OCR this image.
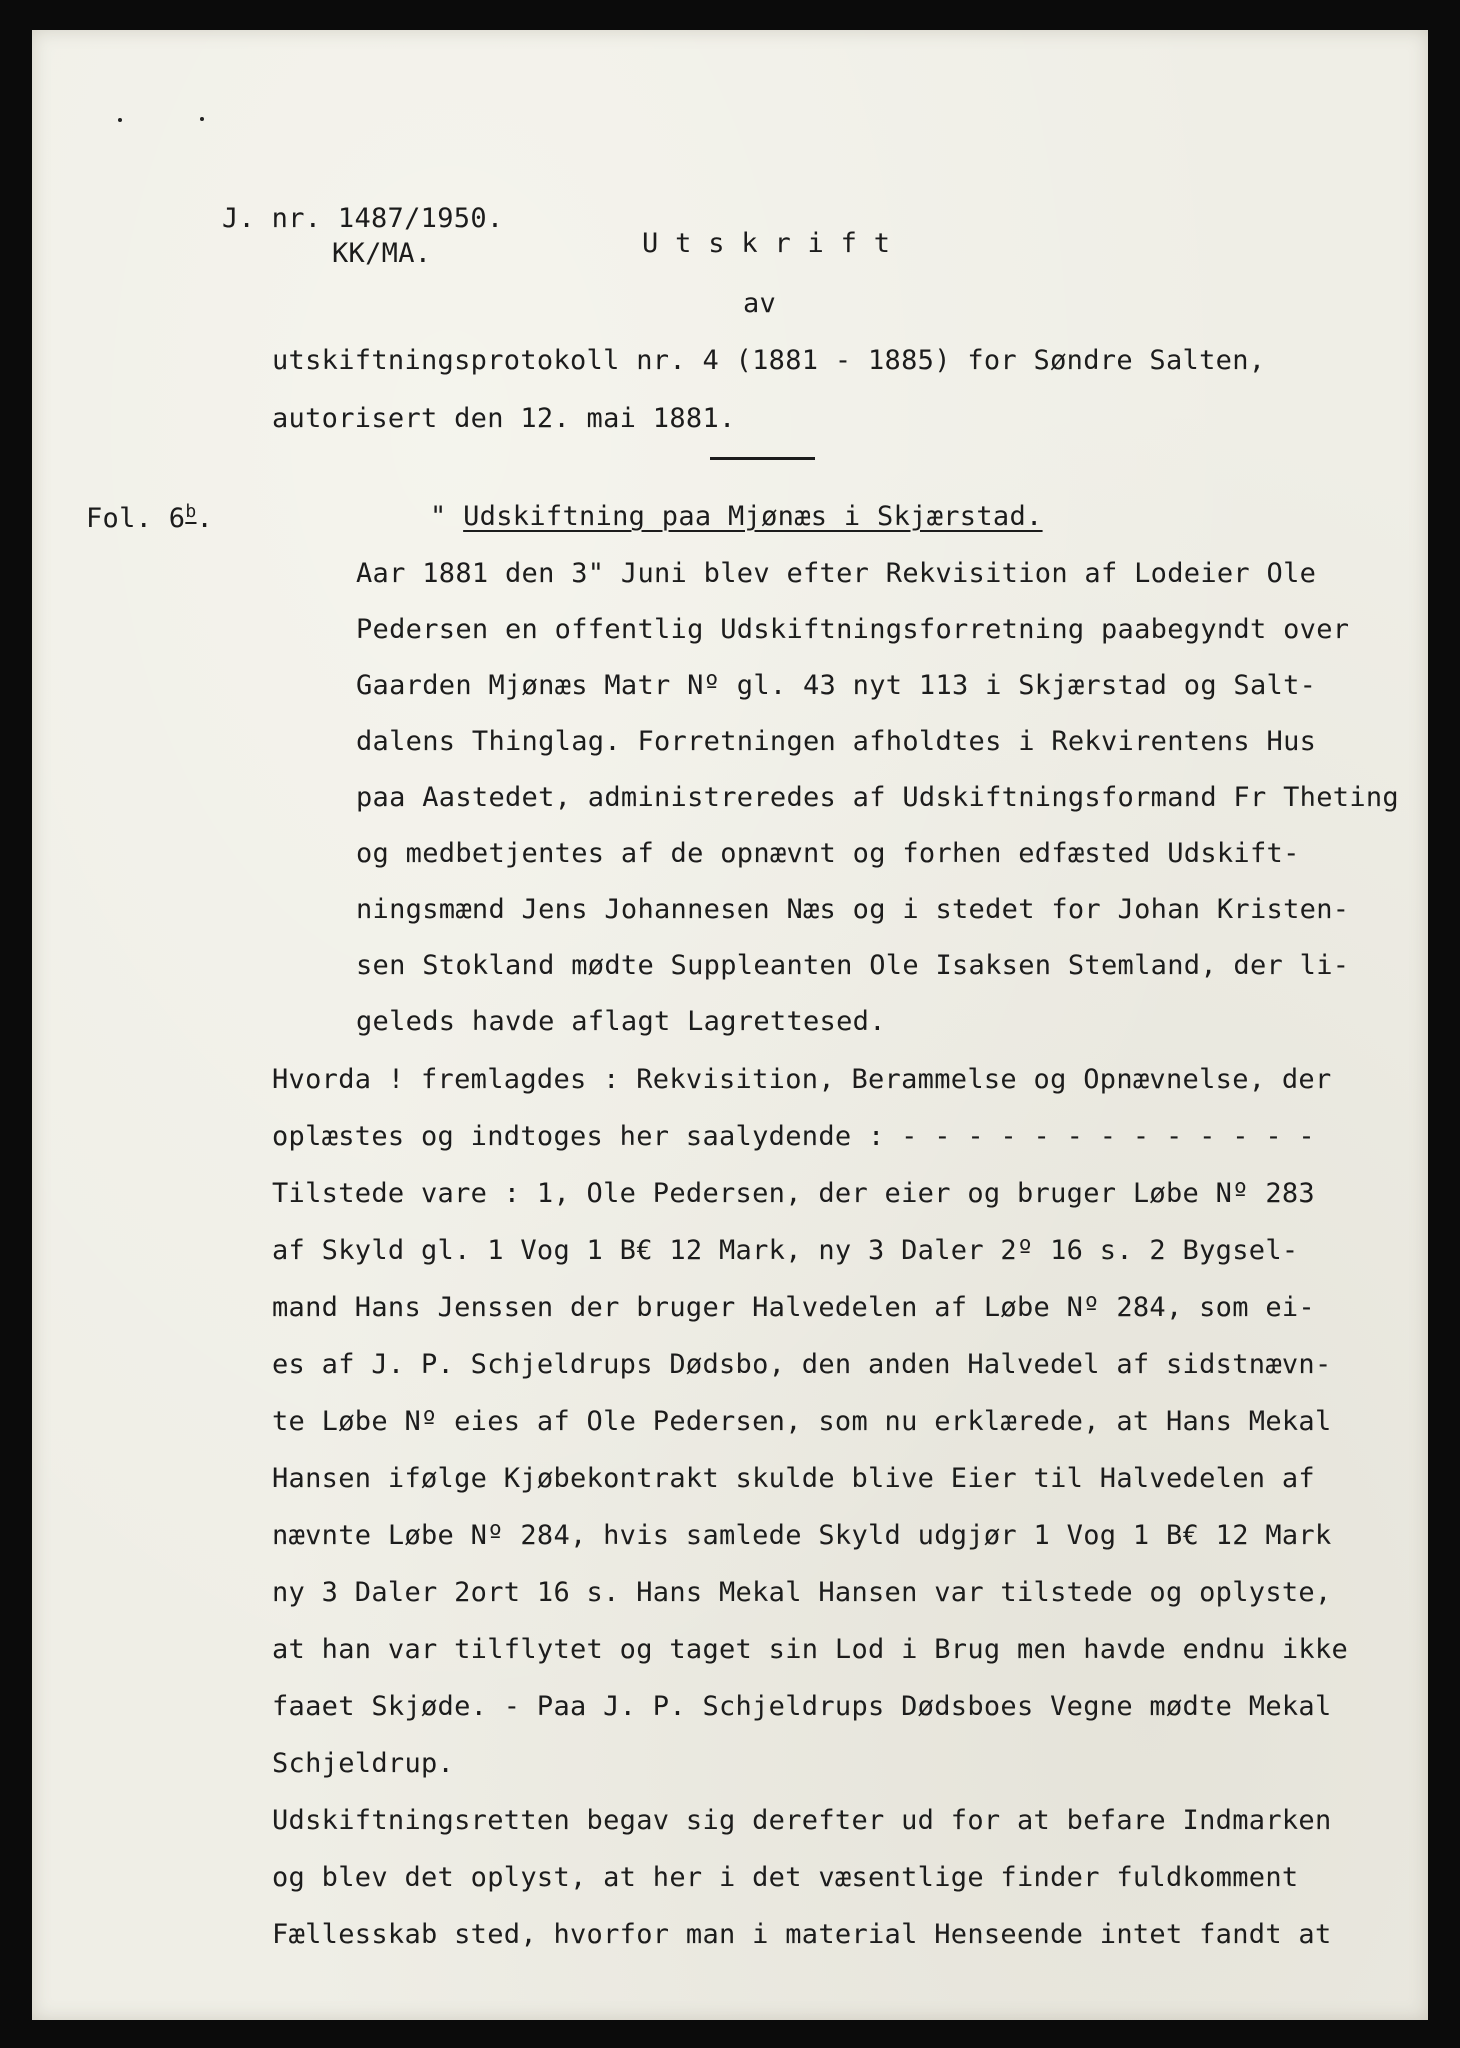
J. nr. 1487/1950.
KK/MA.	U t s k r i f t
av
utskiftningsprotokoll nr. 4 (1881 - 1885) for Søndre Salten,
autorisert den 12. mai 1881.
Fol. 6$^b$.	" Udskiftning paa Mjønæs i Skjærstad.
Aar 1881 den 3" Juni blev efter Rekvisition af Lodeier Ole
Pedersen en offentlig Udskiftningsforretning paabegyndt over
Gaarden Mjønæs Matr Nº gl. 43 nyt 113 i Skjærstad og Salt-
dalens Thinglag. Forretningen afholdtes i Rekvirentens Hus
paa Aastedet, administreredes af Udskiftningsformand Fr Theting
og medbetjentes af de opnævnt og forhen edfæsted Udskift-
ningsmænd Jens Johannesen Næs og i stedet for Johan Kristen-
sen Stokland mødte Suppleanten Ole Isaksen Stemland, der li-
geleds havde aflagt Lagrettesed.
Hvorda ! fremlagdes : Rekvisition, Berammelse og Opnævnelse, der
oplæstes og indtoges her saalydende : - - - - - - - - - - - - -
Tilstede vare : 1, Ole Pedersen, der eier og bruger Løbe Nº 283
af Skyld gl. 1 Vog 1 B€ 12 Mark, ny 3 Daler 2º 16 s. 2 Bygsel-
mand Hans Jenssen der bruger Halvedelen af Løbe Nº 284, som ei-
es af J. P. Schjeldrups Dødsbo, den anden Halvedel af sidstnævn-
te Løbe Nº eies af Ole Pedersen, som nu erklærede, at Hans Mekal
Hansen ifølge Kjøbekontrakt skulde blive Eier til Halvedelen af
nævnte Løbe Nº 284, hvis samlede Skyld udgjør 1 Vog 1 B€ 12 Mark
ny 3 Daler 2ort 16 s. Hans Mekal Hansen var tilstede og oplyste,
at han var tilflytet og taget sin Lod i Brug men havde endnu ikke
faaet Skjøde. - Paa J. P. Schjeldrups Dødsboes Vegne mødte Mekal
Schjeldrup.
Udskiftningsretten begav sig derefter ud for at befare Indmarken
og blev det oplyst, at her i det væsentlige finder fuldkomment
Fællesskab sted, hvorfor man i material Henseende intet fandt at
